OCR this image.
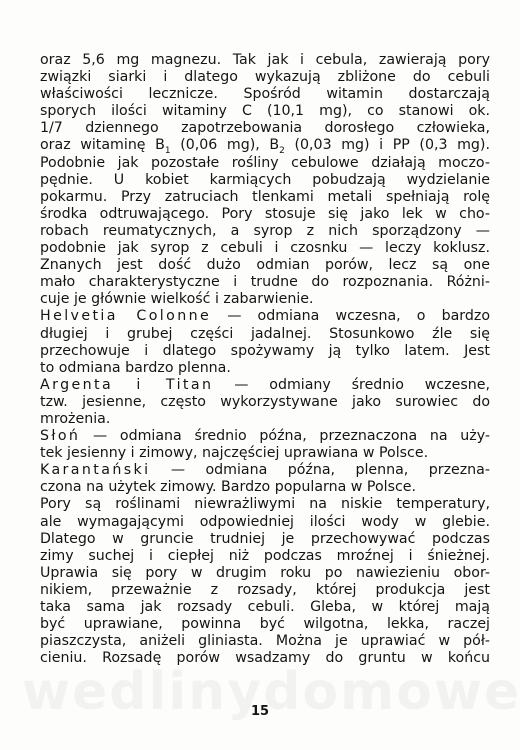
oraz 5,6 mg magnezu. Tak jak i cebula, zawierają pory
związki siarki i dlatego wykazują zbliżone do cebuli
właściwości lecznicze. Spośród witamin dostarczają
sporych ilości witaminy C (10,1 mg), co stanowi ok.
1/7 dziennego zapotrzebowania dorosłego człowieka,
oraz witaminę $B_1$ (0,06 mg), $B_2$ (0,03 mg) i PP (0,3 mg).
Podobnie jak pozostałe rośliny cebulowe działają moczo-
pędnie. U kobiet karmiących pobudzają wydzielanie
pokarmu. Przy zatruciach tlenkami metali spełniają rolę
środka odtruwającego. Pory stosuje się jako lek w cho-
robach reumatycznych, a syrop z nich sporządzony —
podobnie jak syrop z cebuli i czosnku — leczy koklusz.
Znanych jest dość dużo odmian porów, lecz są one
mało charakterystyczne i trudne do rozpoznania. Różni-
cuje je głównie wielkość i zabarwienie.
Helvetia Colonne — odmiana wczesna, o bardzo
długiej i grubej części jadalnej. Stosunkowo źle się
przechowuje i dlatego spożywamy ją tylko latem. Jest
to odmiana bardzo plenna.
Argenta i Titan — odmiany średnio wczesne,
tzw. jesienne, często wykorzystywane jako surowiec do
mrożenia.
Słoń — odmiana średnio późna, przeznaczona na uży-
tek jesienny i zimowy, najczęściej uprawiana w Polsce.
Karantański — odmiana późna, plenna, przezna-
czona na użytek zimowy. Bardzo popularna w Polsce.
Pory są roślinami niewrażliwymi na niskie temperatury,
ale wymagającymi odpowiedniej ilości wody w glebie.
Dlatego w gruncie trudniej je przechowywać podczas
zimy suchej i ciepłej niż podczas mroźnej i śnieżnej.
Uprawia się pory w drugim roku po nawiezieniu obor-
nikiem, przeważnie z rozsady, której produkcja jest
taka sama jak rozsady cebuli. Gleba, w której mają
być uprawiane, powinna być wilgotna, lekka, raczej
piaszczysta, aniżeli gliniasta. Można je uprawiać w pół-
cieniu. Rozsadę porów wsadzamy do gruntu w końcu
15
